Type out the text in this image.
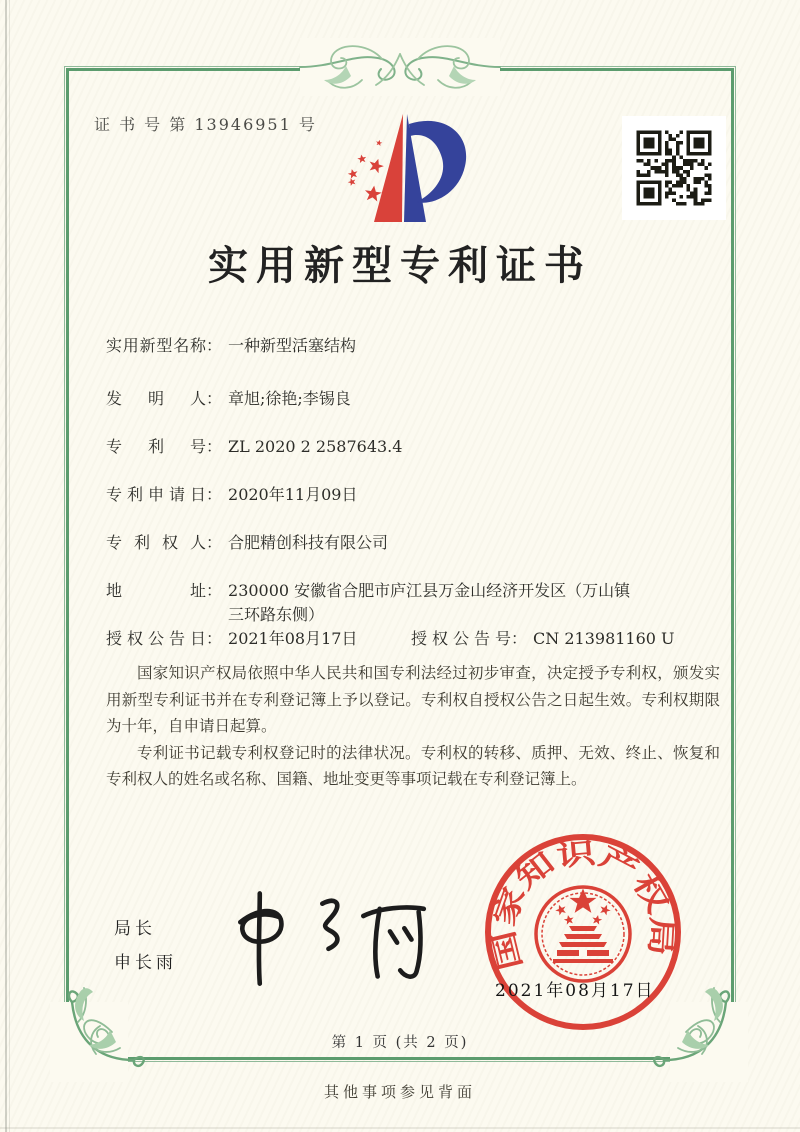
证 书 号 第 13946951 号
实用新型专利证书
实用新型名称 ： 一种新型活塞结构
发明人 ： 章旭;徐艳;李锡良
专利号 ： ZL 2020 2 2587643.4
专利申请日 ： 2020年11月09日
专利权人 ： 合肥精创科技有限公司
地址 ： 230000 安徽省合肥市庐江县万金山经济开发区（万山镇三环路东侧）
授权公告日 ： 2021年08月17日	授权公告号 ： CN 213981160 U

国家知识产权局依照中华人民共和国专利法经过初步审查，决定授予专利权，颁发实用新型专利证书并在专利登记簿上予以登记。专利权自授权公告之日起生效。专利权期限为十年，自申请日起算。

专利证书记载专利权登记时的法律状况。专利权的转移、质押、无效、终止、恢复和专利权人的姓名或名称、国籍、地址变更等事项记载在专利登记簿上。

局长
申长雨	国家知识产权局
2021年08月17日
第 1 页 (共 2 页)
其他事项参见背面
